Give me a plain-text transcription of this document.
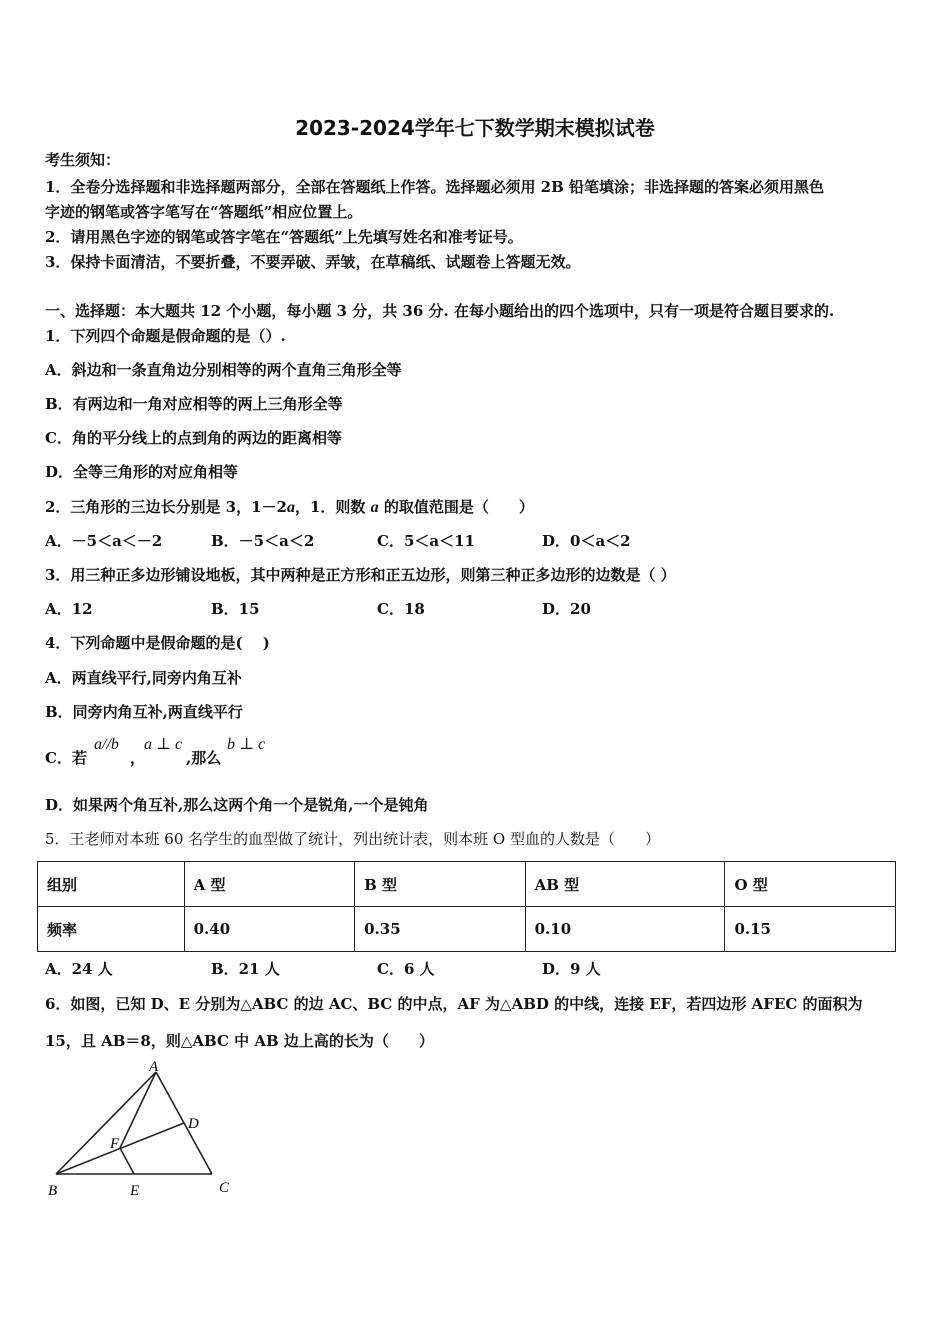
2023-2024学年七下数学期末模拟试卷
考生须知：
1．全卷分选择题和非选择题两部分，全部在答题纸上作答。选择题必须用 2B 铅笔填涂；非选择题的答案必须用黑色
字迹的钢笔或答字笔写在“答题纸”相应位置上。
2．请用黑色字迹的钢笔或答字笔在“答题纸”上先填写姓名和准考证号。
3．保持卡面清洁，不要折叠，不要弄破、弄皱，在草稿纸、试题卷上答题无效。
一、选择题：本大题共 12 个小题，每小题 3 分，共 36 分. 在每小题给出的四个选项中，只有一项是符合题目要求的.
1．下列四个命题是假命题的是（）.
A．斜边和一条直角边分别相等的两个直角三角形全等
B．有两边和一角对应相等的两上三角形全等
C．角的平分线上的点到角的两边的距离相等
D．全等三角形的对应角相等
2．三角形的三边长分别是 3，1－2a，1．则数 a 的取值范围是（　　）
A．－5＜a＜－2	B．－5＜a＜2	C．5＜a＜11	D．0＜a＜2
3．用三种正多边形铺设地板，其中两种是正方形和正五边形，则第三种正多边形的边数是（ ）
A．12	B．15	C．18	D．20
4．下列命题中是假命题的是(　 )
A．两直线平行,同旁内角互补
B．同旁内角互补,两直线平行
C．若
a//b
，
a ⊥ c
,那么
b ⊥ c
D．如果两个角互补,那么这两个角一个是锐角,一个是钝角
5．王老师对本班 60 名学生的血型做了统计，列出统计表，则本班 O 型血的人数是（　　）
组别	A 型	B 型	AB 型	O 型
频率	0.40	0.35	0.10	0.15
A．24 人	B．21 人	C．6 人	D．9 人
6．如图，已知 D、E 分别为△ABC 的边 AC、BC 的中点，AF 为△ABD 的中线，连接 EF，若四边形 AFEC 的面积为
15，且 AB＝8，则△ABC 中 AB 边上高的长为（　　）
A
B	C
D
E
F
